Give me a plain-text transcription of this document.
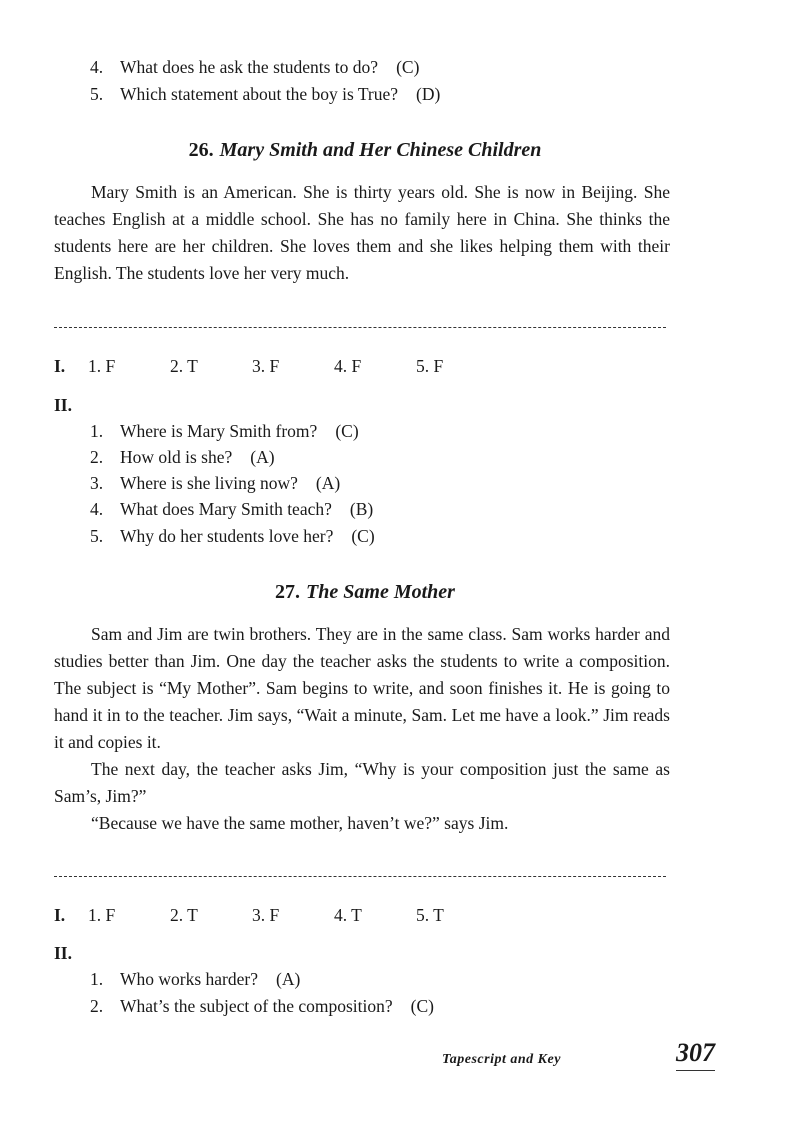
4. What does he ask the students to do? (C)
5. Which statement about the boy is True? (D)
26. Mary Smith and Her Chinese Children

Mary Smith is an American. She is thirty years old. She is now in Beijing. She teaches English at a middle school. She has no family here in China. She thinks the students here are her children. She loves them and she likes helping them with their English. The students love her very much.

I. 1. F	2. T	3. F	4. F	5. F
II.
1. Where is Mary Smith from? (C)
2. How old is she? (A)
3. Where is she living now? (A)
4. What does Mary Smith teach? (B)
5. Why do her students love her? (C)
27. The Same Mother

Sam and Jim are twin brothers. They are in the same class. Sam works harder and studies better than Jim. One day the teacher asks the students to write a composition. The subject is “My Mother”. Sam begins to write, and soon finishes it. He is going to hand it in to the teacher. Jim says, “Wait a minute, Sam. Let me have a look.” Jim reads it and copies it.

The next day, the teacher asks Jim, “Why is your composition just the same as Sam’s, Jim?”

“Because we have the same mother, haven’t we?” says Jim.

I. 1. F	2. T	3. F	4. T	5. T
II.
1. Who works harder? (A)
2. What’s the subject of the composition? (C)
Tapescript and Key	307
